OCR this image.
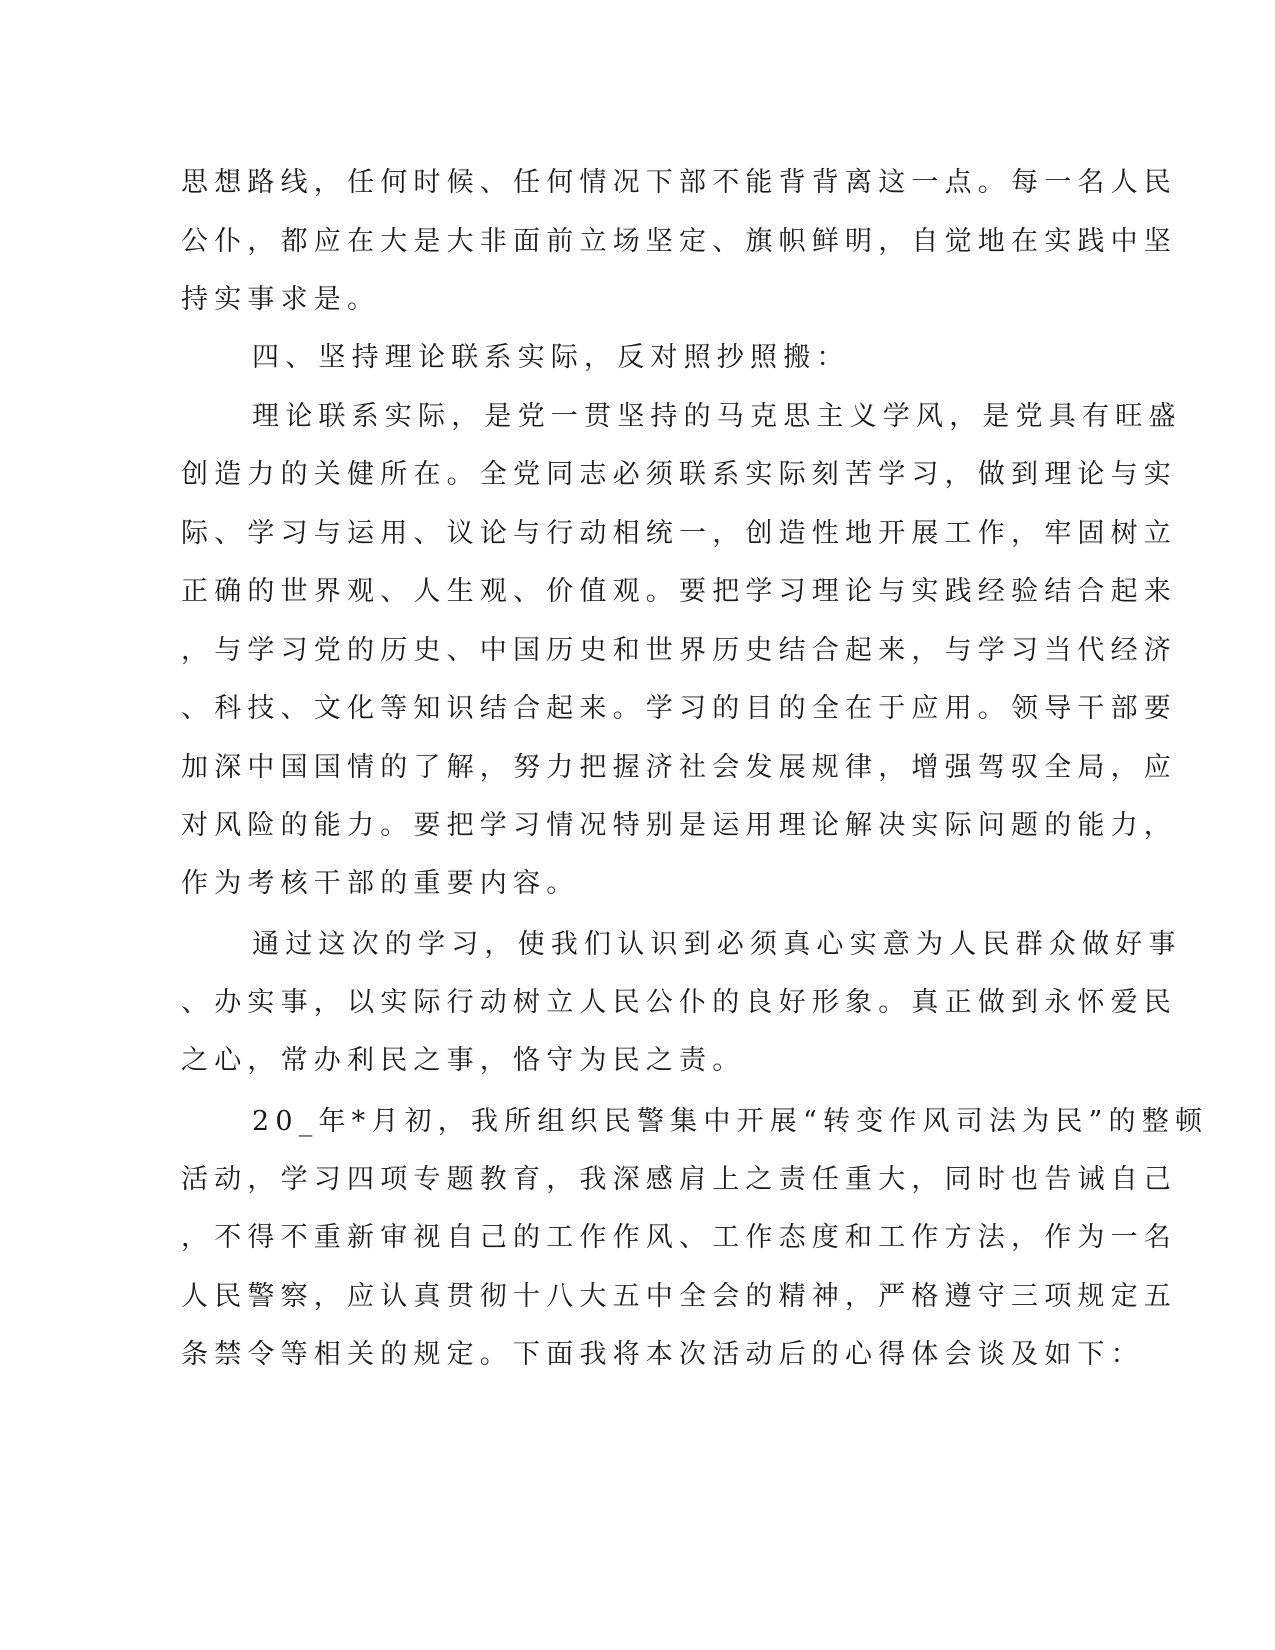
思想路线，任何时候、任何情况下部不能背背离这一点。每一名人民
公仆，都应在大是大非面前立场坚定、旗帜鲜明，自觉地在实践中坚
持实事求是。
四、坚持理论联系实际，反对照抄照搬：
理论联系实际，是党一贯坚持的马克思主义学风，是党具有旺盛
创造力的关健所在。全党同志必须联系实际刻苦学习，做到理论与实
际、学习与运用、议论与行动相统一，创造性地开展工作，牢固树立
正确的世界观、人生观、价值观。要把学习理论与实践经验结合起来
，与学习党的历史、中国历史和世界历史结合起来，与学习当代经济
、科技、文化等知识结合起来。学习的目的全在于应用。领导干部要
加深中国国情的了解，努力把握济社会发展规律，增强驾驭全局，应
对风险的能力。要把学习情况特别是运用理论解决实际问题的能力，
作为考核干部的重要内容。
通过这次的学习，使我们认识到必须真心实意为人民群众做好事
、办实事，以实际行动树立人民公仆的良好形象。真正做到永怀爱民
之心，常办利民之事，恪守为民之责。
20_年*月初，我所组织民警集中开展“转变作风司法为民”的整顿
活动，学习四项专题教育，我深感肩上之责任重大，同时也告诫自己
，不得不重新审视自己的工作作风、工作态度和工作方法，作为一名
人民警察，应认真贯彻十八大五中全会的精神，严格遵守三项规定五
条禁令等相关的规定。下面我将本次活动后的心得体会谈及如下：
